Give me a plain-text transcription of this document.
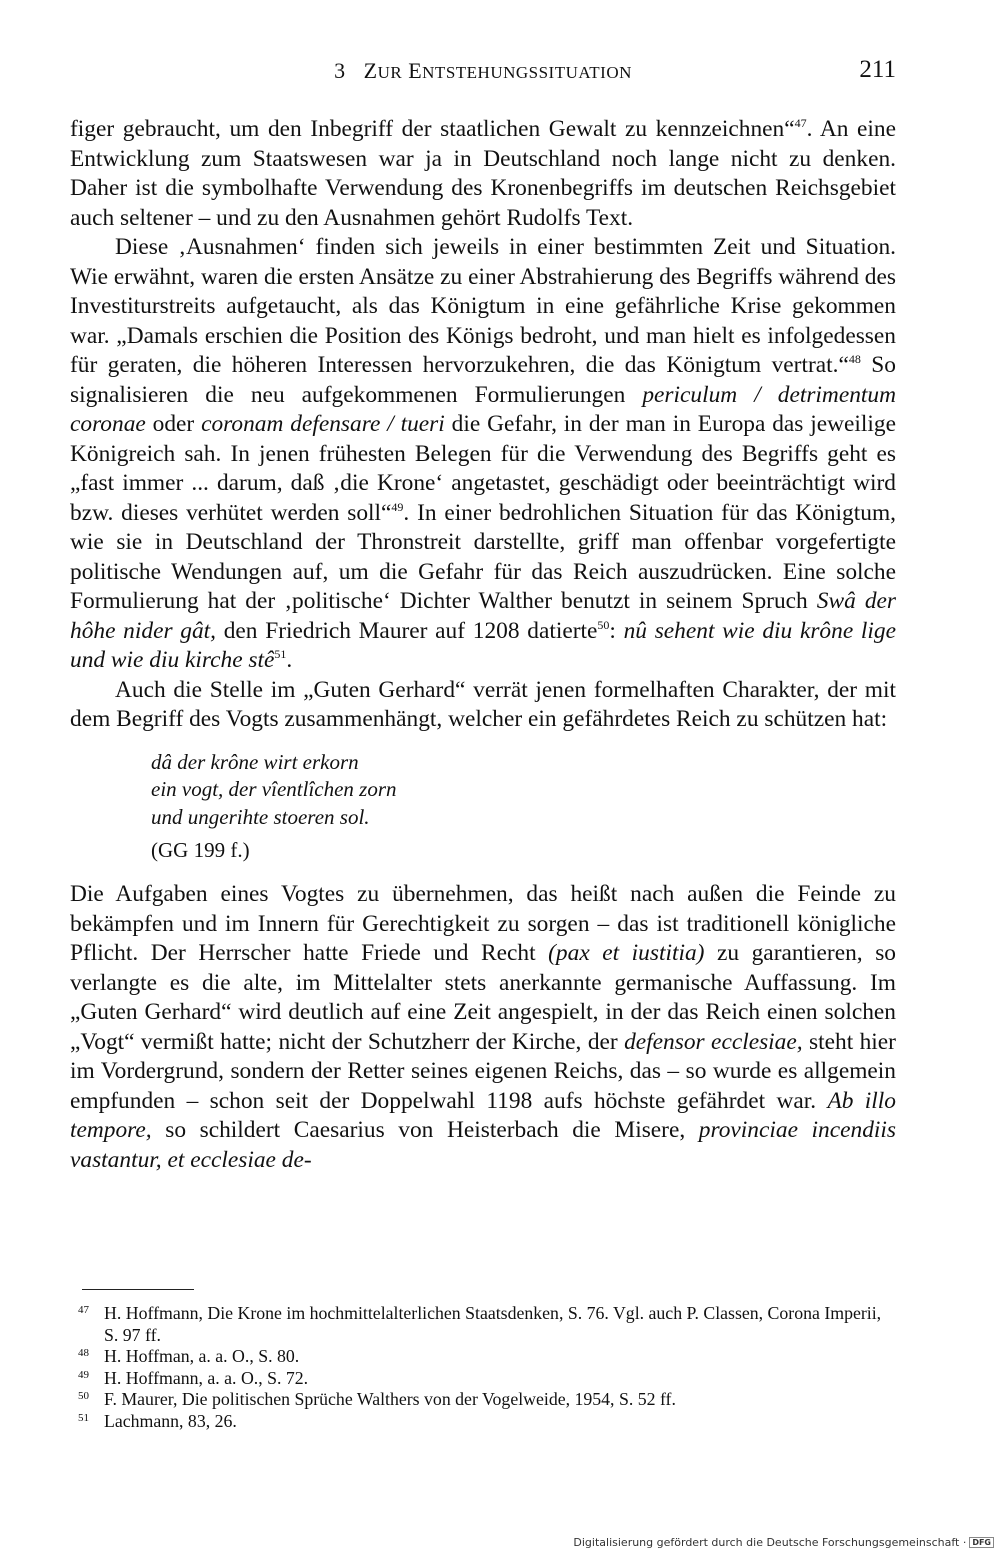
3 ZUR ENTSTEHUNGSSITUATION	211

figer gebraucht, um den Inbegriff der staatlichen Gewalt zu kennzeichnen“$^{47}$. An eine Entwicklung zum Staatswesen war ja in Deutschland noch lange nicht zu denken. Daher ist die symbolhafte Verwendung des Kronenbegriffs im deutschen Reichsgebiet auch seltener – und zu den Ausnahmen gehört Rudolfs Text.

Diese ‚Ausnahmen‘ finden sich jeweils in einer bestimmten Zeit und Situation. Wie erwähnt, waren die ersten Ansätze zu einer Abstrahierung des Begriffs während des Investiturstreits aufgetaucht, als das Königtum in eine gefährliche Krise gekommen war. „Damals erschien die Position des Königs bedroht, und man hielt es infolgedessen für geraten, die höheren Interessen hervorzukehren, die das Königtum vertrat.“$^{48}$ So signalisieren die neu aufgekommenen Formulierungen periculum / detrimentum coronae oder coronam defensare / tueri die Gefahr, in der man in Europa das jeweilige Königreich sah. In jenen frühesten Belegen für die Verwendung des Begriffs geht es „fast immer ... darum, daß ‚die Krone‘ angetastet, geschädigt oder beeinträchtigt wird bzw. dieses verhütet werden soll“$^{49}$. In einer bedrohlichen Situation für das Königtum, wie sie in Deutschland der Thronstreit darstellte, griff man offenbar vorgefertigte politische Wendungen auf, um die Gefahr für das Reich auszudrücken. Eine solche Formulierung hat der ‚politische‘ Dichter Walther benutzt in seinem Spruch Swâ der hôhe nider gât, den Friedrich Maurer auf 1208 datierte$^{50}$: nû sehent wie diu krône lige und wie diu kirche stê$^{51}$.

Auch die Stelle im „Guten Gerhard“ verrät jenen formelhaften Charakter, der mit dem Begriff des Vogts zusammenhängt, welcher ein gefährdetes Reich zu schützen hat:

dâ der krône wirt erkorn
ein vogt, der vîentlîchen zorn
und ungerihte stoeren sol.
(GG 199 f.)

Die Aufgaben eines Vogtes zu übernehmen, das heißt nach außen die Feinde zu bekämpfen und im Innern für Gerechtigkeit zu sorgen – das ist traditionell königliche Pflicht. Der Herrscher hatte Friede und Recht (pax et iustitia) zu garantieren, so verlangte es die alte, im Mittelalter stets anerkannte germanische Auffassung. Im „Guten Gerhard“ wird deutlich auf eine Zeit angespielt, in der das Reich einen solchen „Vogt“ vermißt hatte; nicht der Schutzherr der Kirche, der defensor ecclesiae, steht hier im Vordergrund, sondern der Retter seines eigenen Reichs, das – so wurde es allgemein empfunden – schon seit der Doppelwahl 1198 aufs höchste gefährdet war. Ab illo tempore, so schildert Caesarius von Heisterbach die Misere, provinciae incendiis vastantur, et ecclesiae de-

47 H. Hoffmann, Die Krone im hochmittelalterlichen Staatsdenken, S. 76. Vgl. auch P. Classen, Corona Imperii, S. 97 ff.
48 H. Hoffman, a. a. O., S. 80.
49 H. Hoffmann, a. a. O., S. 72.
50 F. Maurer, Die politischen Sprüche Walthers von der Vogelweide, 1954, S. 52 ff.
51 Lachmann, 83, 26.
Digitalisierung gefördert durch die Deutsche Forschungsgemeinschaft · DFG
